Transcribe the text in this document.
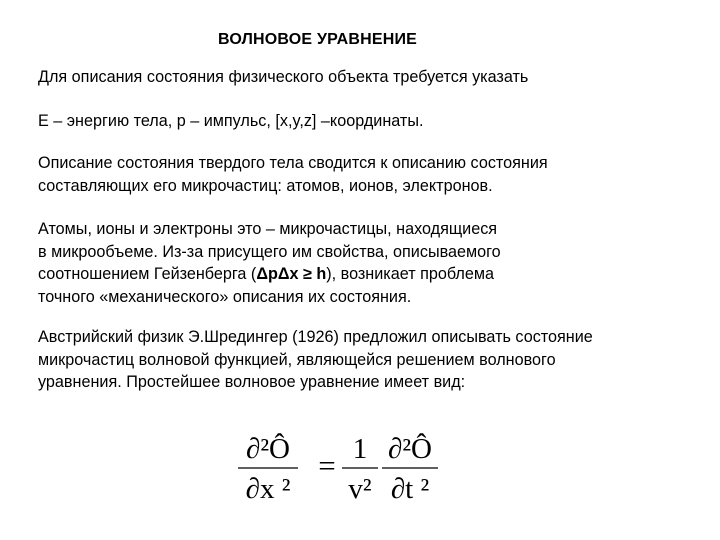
ВОЛНОВОЕ УРАВНЕНИЕ
Для описания состояния физического объекта требуется указать
E – энергию тела, p – импульс, [x,y,z] –координаты.
Описание состояния твердого тела сводится к описанию состояния
составляющих его микрочастиц: атомов, ионов, электронов.
Атомы, ионы и электроны это – микрочастицы, находящиеся
в микрообъеме. Из-за присущего им свойства, описываемого
соотношением Гейзенберга (ΔpΔx ≥ h), возникает проблема
точного «механического» описания их состояния.
Австрийский физик Э.Шредингер (1926) предложил описывать состояние
микрочастиц волновой функцией, являющейся решением волнового
уравнения. Простейшее волновое уравнение имеет вид:
∂²Ô
∂x ²
= 1
v²
∂²Ô
∂t ²
